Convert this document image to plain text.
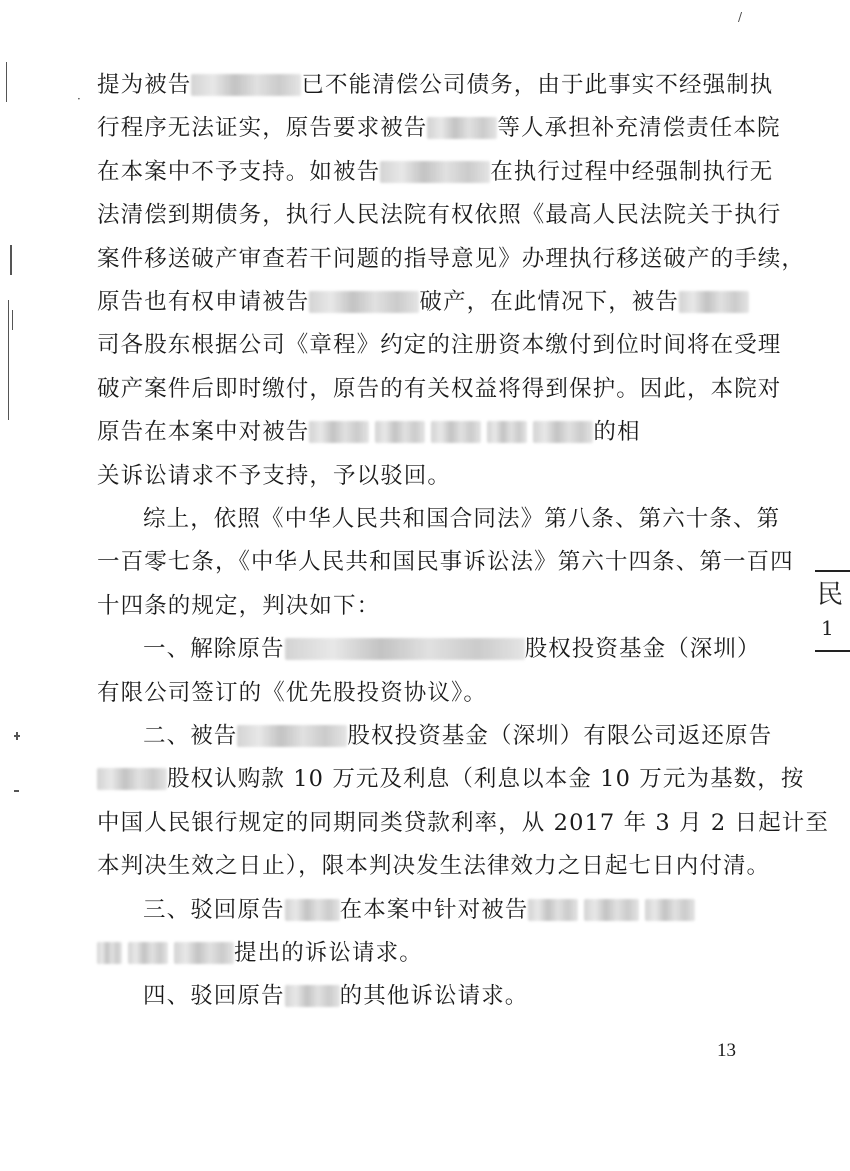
·
/
提为被告	已不能清偿公司债务，由于此事实不经强制执
行程序无法证实，原告要求被告	等人承担补充清偿责任本院
在本案中不予支持。如被告	在执行过程中经强制执行无
法清偿到期债务，执行人民法院有权依照《最高人民法院关于执行
案件移送破产审查若干问题的指导意见》办理执行移送破产的手续，
原告也有权申请被告	破产，在此情况下，被告
司各股东根据公司《章程》约定的注册资本缴付到位时间将在受理
破产案件后即时缴付，原告的有关权益将得到保护。因此，本院对
原告在本案中对被告	的相
关诉讼请求不予支持，予以驳回。
综上，依照《中华人民共和国合同法》第八条、第六十条、第
一百零七条，《中华人民共和国民事诉讼法》第六十四条、第一百四
十四条的规定，判决如下：
一、解除原告	股权投资基金（深圳）
有限公司签订的《优先股投资协议》。
二、被告	股权投资基金（深圳）有限公司返还原告
股权认购款 10 万元及利息（利息以本金 10 万元为基数，按
中国人民银行规定的同期同类贷款利率，从 2017 年 3 月 2 日起计至
本判决生效之日止），限本判决发生法律效力之日起七日内付清。
三、驳回原告 在本案中针对被告
提出的诉讼请求。
四、驳回原告 的其他诉讼请求。
民
1
13
